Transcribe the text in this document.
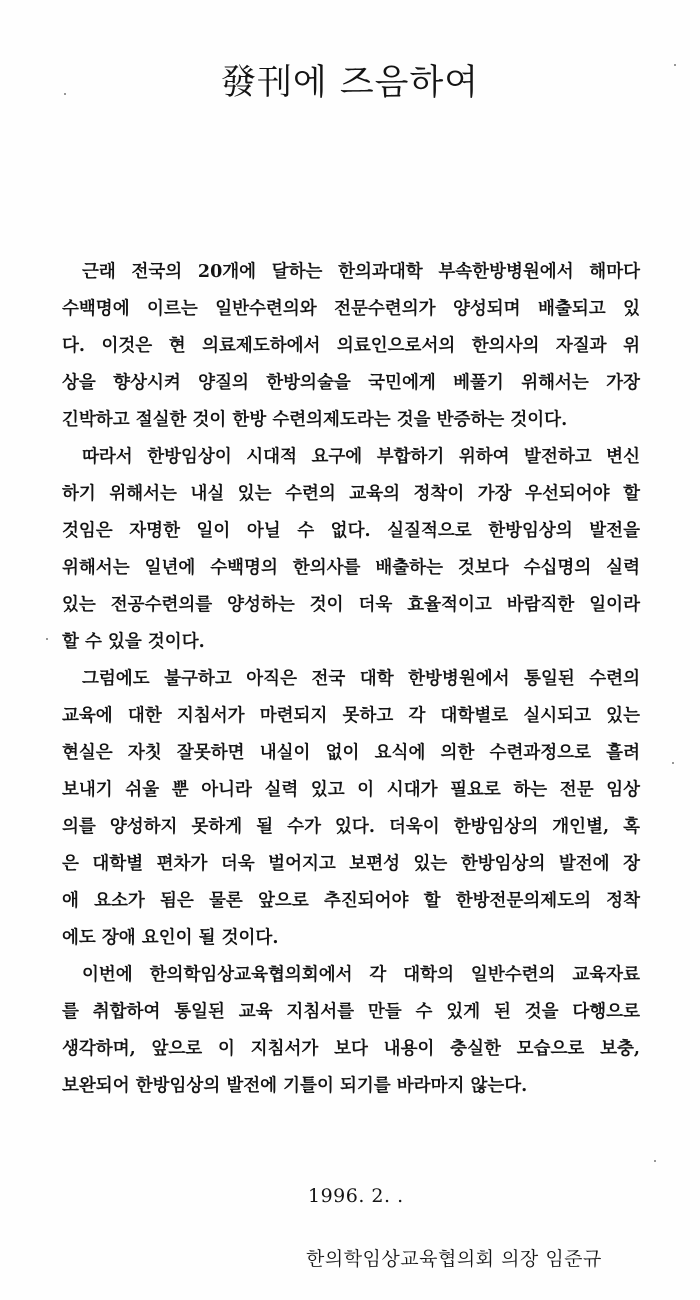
發刊에 즈음하여
근래 전국의 20개에 달하는 한의과대학 부속한방병원에서 해마다
수백명에 이르는 일반수련의와 전문수련의가 양성되며 배출되고 있
다. 이것은 현 의료제도하에서 의료인으로서의 한의사의 자질과 위
상을 향상시켜 양질의 한방의술을 국민에게 베풀기 위해서는 가장
긴박하고 절실한 것이 한방 수련의제도라는 것을 반증하는 것이다.
따라서 한방임상이 시대적 요구에 부합하기 위하여 발전하고 변신
하기 위해서는 내실 있는 수련의 교육의 정착이 가장 우선되어야 할
것임은 자명한 일이 아닐 수 없다. 실질적으로 한방임상의 발전을
위해서는 일년에 수백명의 한의사를 배출하는 것보다 수십명의 실력
있는 전공수련의를 양성하는 것이 더욱 효율적이고 바람직한 일이라
할 수 있을 것이다.
그럼에도 불구하고 아직은 전국 대학 한방병원에서 통일된 수련의
교육에 대한 지침서가 마련되지 못하고 각 대학별로 실시되고 있는
현실은 자칫 잘못하면 내실이 없이 요식에 의한 수련과정으로 흘려
보내기 쉬울 뿐 아니라 실력 있고 이 시대가 필요로 하는 전문 임상
의를 양성하지 못하게 될 수가 있다. 더욱이 한방임상의 개인별, 혹
은 대학별 편차가 더욱 벌어지고 보편성 있는 한방임상의 발전에 장
애 요소가 됨은 물론 앞으로 추진되어야 할 한방전문의제도의 정착
에도 장애 요인이 될 것이다.
이번에 한의학임상교육협의회에서 각 대학의 일반수련의 교육자료
를 취합하여 통일된 교육 지침서를 만들 수 있게 된 것을 다행으로
생각하며, 앞으로 이 지침서가 보다 내용이 충실한 모습으로 보충,
보완되어 한방임상의 발전에 기틀이 되기를 바라마지 않는다.
1996. 2. .
한의학임상교육협의회 의장 임준규
